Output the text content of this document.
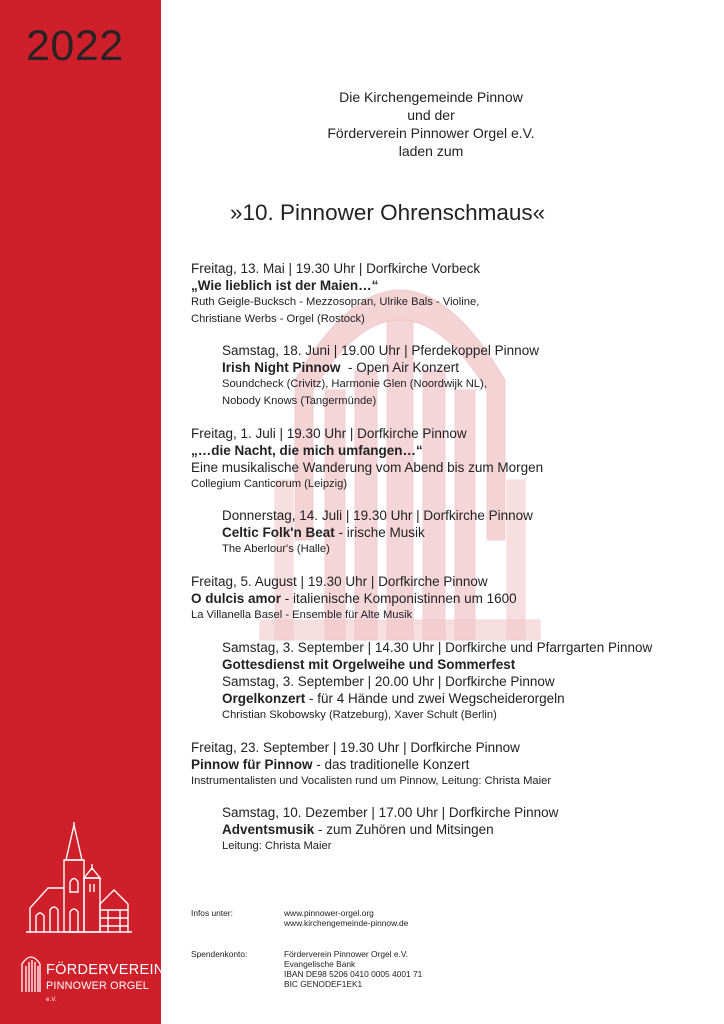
2022
FÖRDERVEREIN
PINNOWER ORGEL e.V.
Die Kirchengemeinde Pinnow
und der
Förderverein Pinnower Orgel e.V.
laden zum
»10. Pinnower Ohrenschmaus«
Freitag, 13. Mai | 19.30 Uhr | Dorfkirche Vorbeck
„Wie lieblich ist der Maien…“
Ruth Geigle-Bucksch - Mezzosopran, Ulrike Bals - Violine,
Christiane Werbs - Orgel (Rostock)
Samstag, 18. Juni | 19.00 Uhr | Pferdekoppel Pinnow
Irish Night Pinnow  - Open Air Konzert
Soundcheck (Crivitz), Harmonie Glen (Noordwijk NL),
Nobody Knows (Tangermünde)
Freitag, 1. Juli | 19.30 Uhr | Dorfkirche Pinnow
„…die Nacht, die mich umfangen…“
Eine musikalische Wanderung vom Abend bis zum Morgen
Collegium Canticorum (Leipzig)
Donnerstag, 14. Juli | 19.30 Uhr | Dorfkirche Pinnow
Celtic Folk'n Beat - irische Musik
The Aberlour's (Halle)
Freitag, 5. August | 19.30 Uhr | Dorfkirche Pinnow
O dulcis amor - italienische Komponistinnen um 1600
La Villanella Basel - Ensemble für Alte Musik
Samstag, 3. September | 14.30 Uhr | Dorfkirche und Pfarrgarten Pinnow
Gottesdienst mit Orgelweihe und Sommerfest
Samstag, 3. September | 20.00 Uhr | Dorfkirche Pinnow
Orgelkonzert - für 4 Hände und zwei Wegscheiderorgeln
Christian Skobowsky (Ratzeburg), Xaver Schult (Berlin)
Freitag, 23. September | 19.30 Uhr | Dorfkirche Pinnow
Pinnow für Pinnow - das traditionelle Konzert
Instrumentalisten und Vocalisten rund um Pinnow, Leitung: Christa Maier
Samstag, 10. Dezember | 17.00 Uhr | Dorfkirche Pinnow
Adventsmusik - zum Zuhören und Mitsingen
Leitung: Christa Maier
Infos unter:	www.pinnower-orgel.org
www.kirchengemeinde-pinnow.de
Spendenkonto:	Förderverein Pinnower Orgel e.V.
Evangelische Bank
IBAN DE98 5206 0410 0005 4001 71
BIC GENODEF1EK1
